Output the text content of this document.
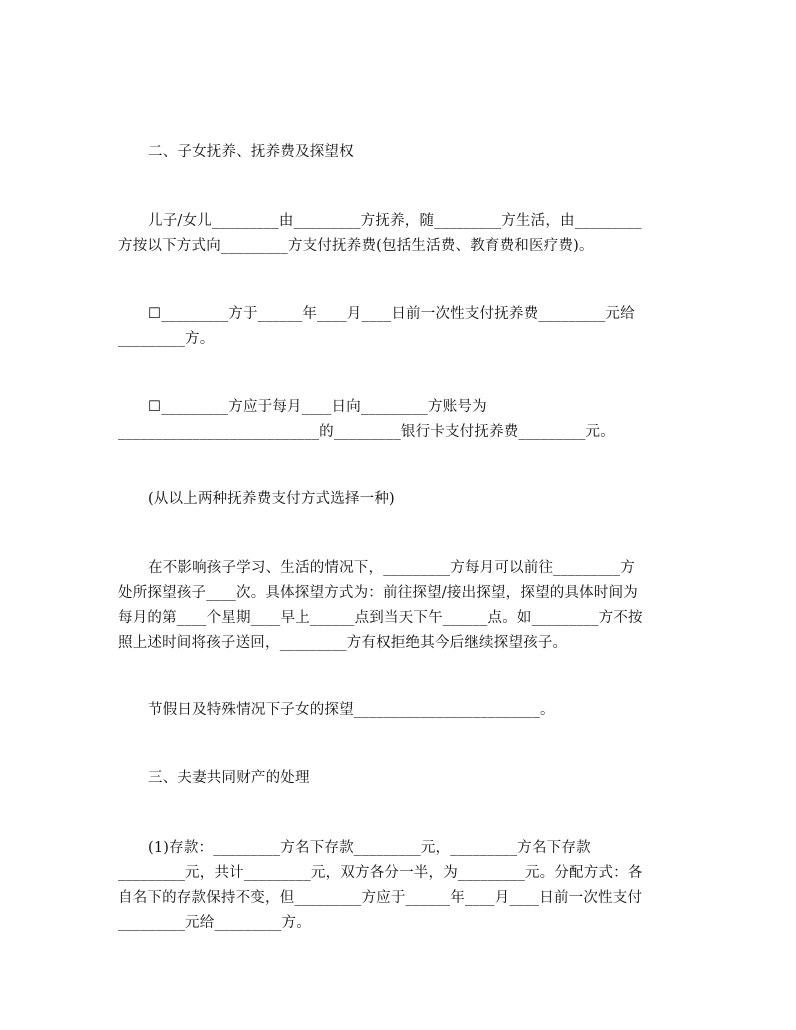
二、子女抚养、抚养费及探望权

儿子/女儿_________由_________方抚养，随_________方生活，由_________
方按以下方式向_________方支付抚养费(包括生活费、教育费和医疗费)。

☐_________方于______年____月____日前一次性支付抚养费_________元给
_________方。

☐_________方应于每月____日向_________方账号为
___________________________的_________银行卡支付抚养费_________元。

(从以上两种抚养费支付方式选择一种)

在不影响孩子学习、生活的情况下，_________方每月可以前往_________方
处所探望孩子____次。具体探望方式为：前往探望/接出探望，探望的具体时间为
每月的第____个星期____早上______点到当天下午______点。如_________方不按
照上述时间将孩子送回，_________方有权拒绝其今后继续探望孩子。

节假日及特殊情况下子女的探望_________________________。

三、夫妻共同财产的处理

(1)存款：_________方名下存款_________元，_________方名下存款
_________元，共计_________元，双方各分一半，为_________元。分配方式：各
自名下的存款保持不变，但_________方应于______年____月____日前一次性支付
_________元给_________方。
